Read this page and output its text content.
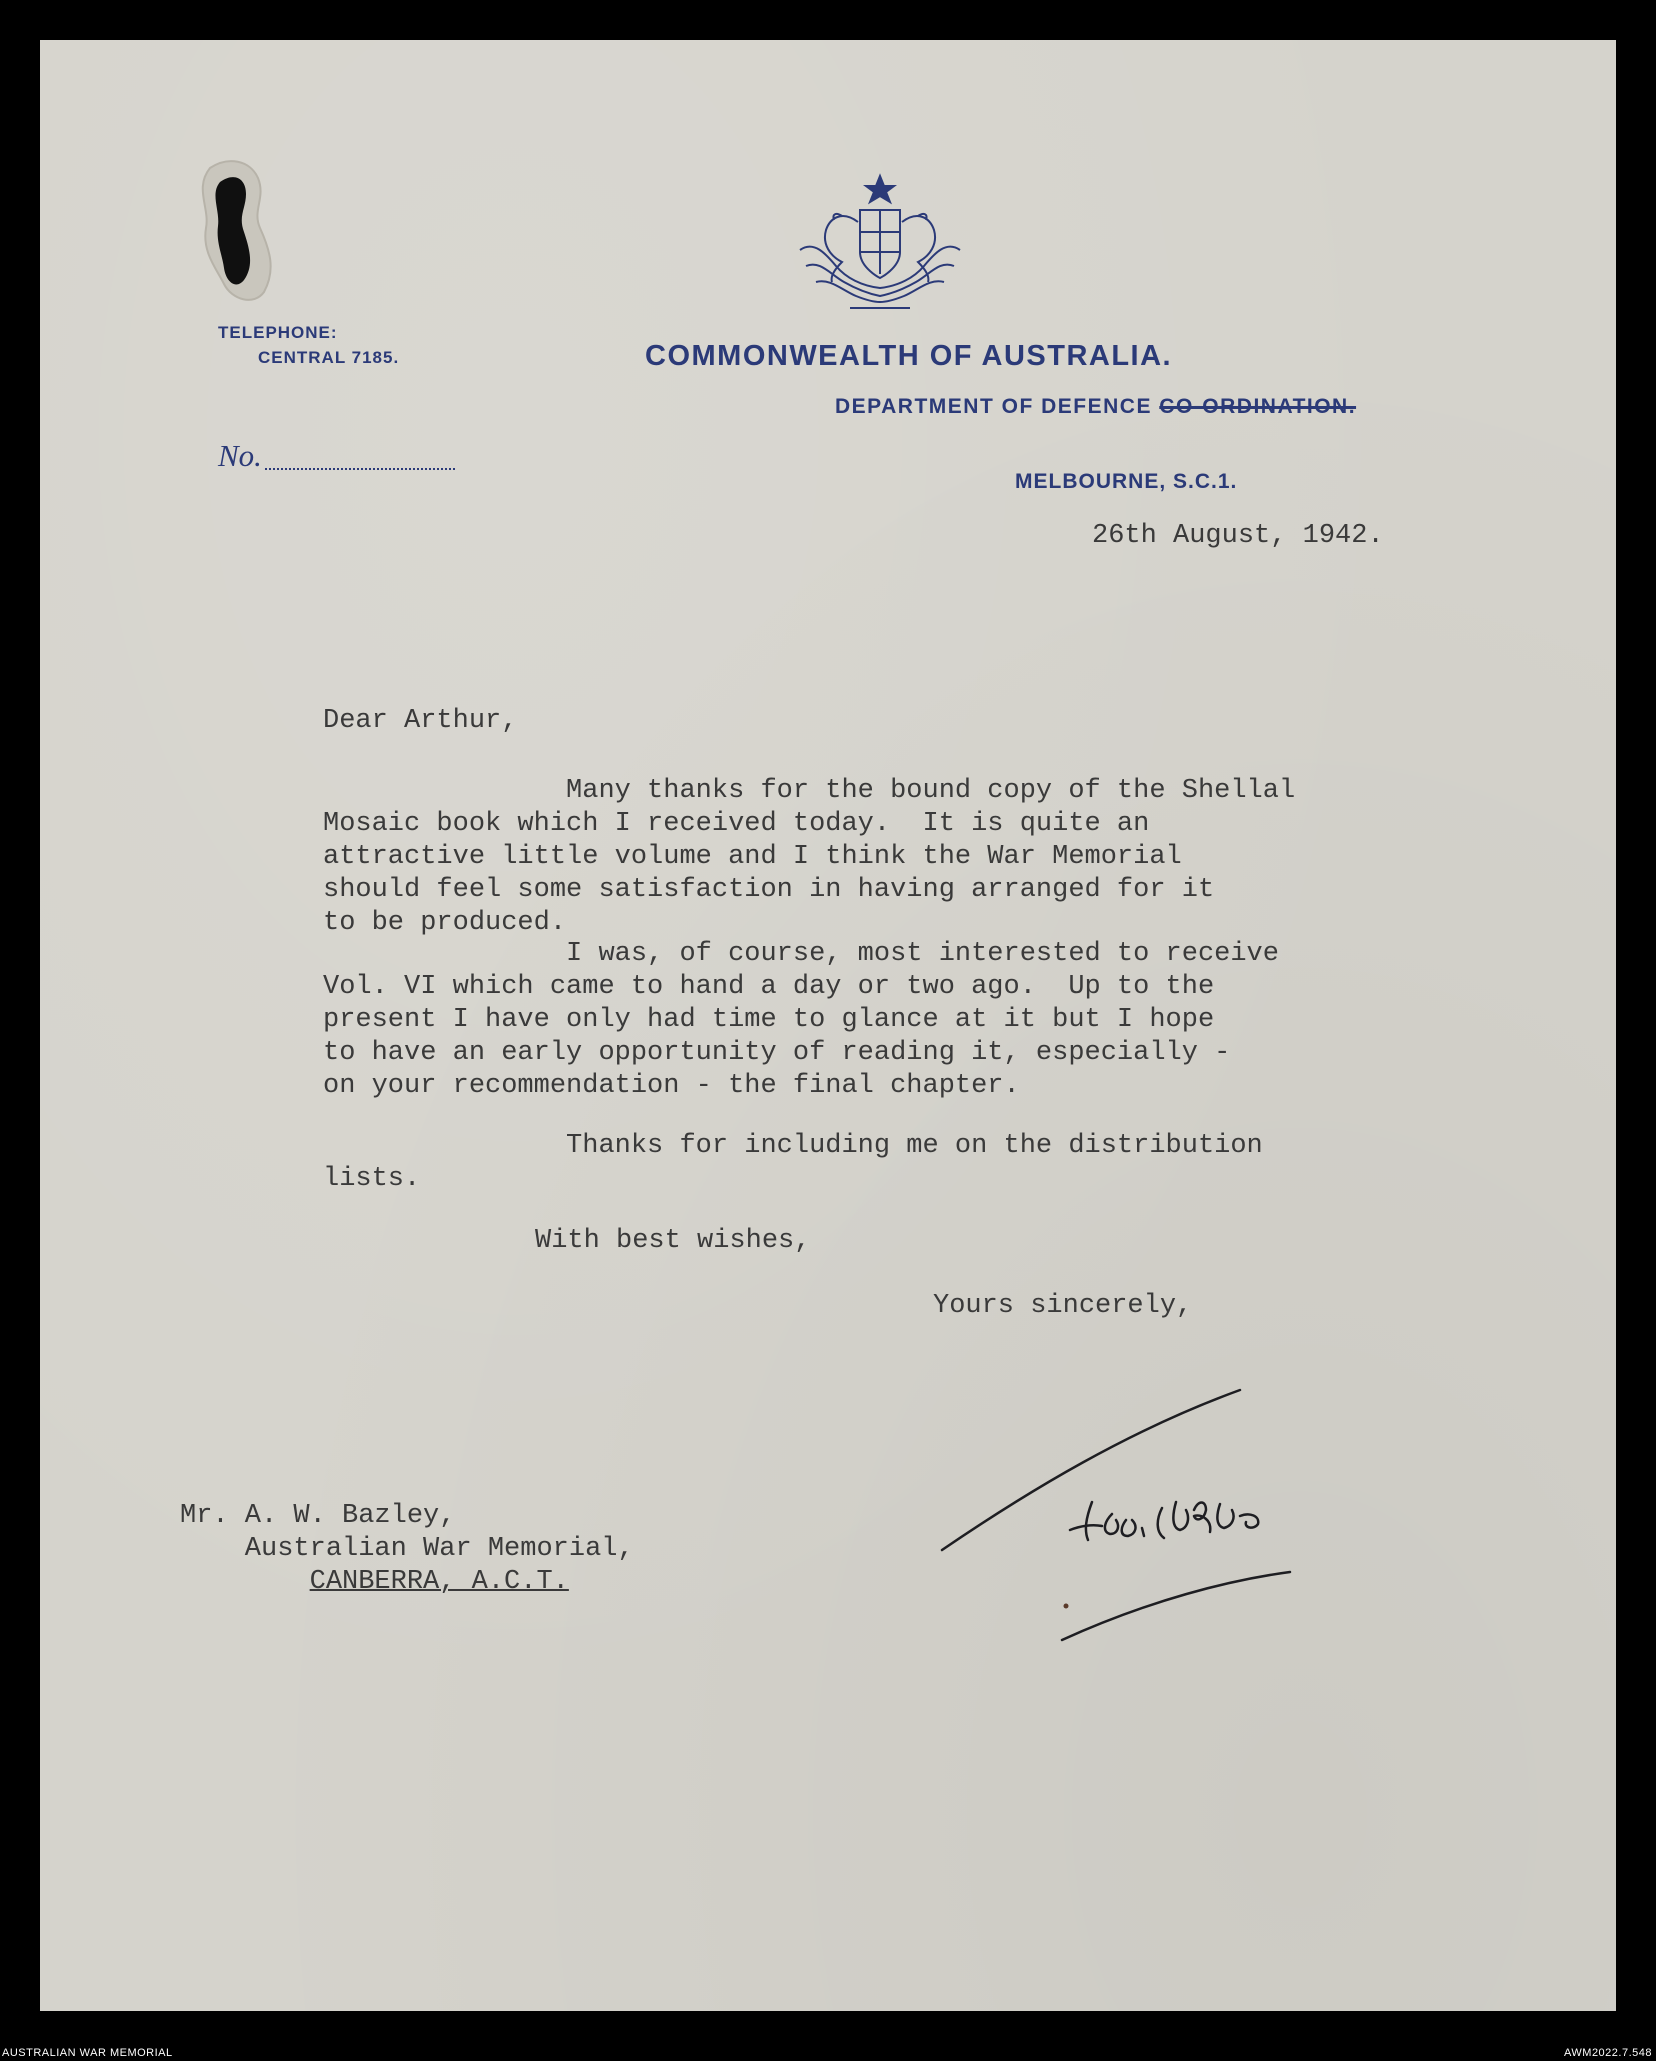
TELEPHONE:
CENTRAL 7185.	COMMONWEALTH OF AUSTRALIA.
DEPARTMENT OF DEFENCE CO-ORDINATION.
MELBOURNE, S.C.1.
No.
26th August, 1942.
Dear Arthur,
Many thanks for the bound copy of the Shellal
Mosaic book which I received today.  It is quite an
attractive little volume and I think the War Memorial
should feel some satisfaction in having arranged for it
to be produced.
I was, of course, most interested to receive
Vol. VI which came to hand a day or two ago.  Up to the
present I have only had time to glance at it but I hope
to have an early opportunity of reading it, especially -
on your recommendation - the final chapter.
Thanks for including me on the distribution
lists.
With best wishes,
Yours sincerely,
Mr. A. W. Bazley,
Australian War Memorial,
CANBERRA, A.C.T.
AUSTRALIAN WAR MEMORIAL	AWM2022.7.548
